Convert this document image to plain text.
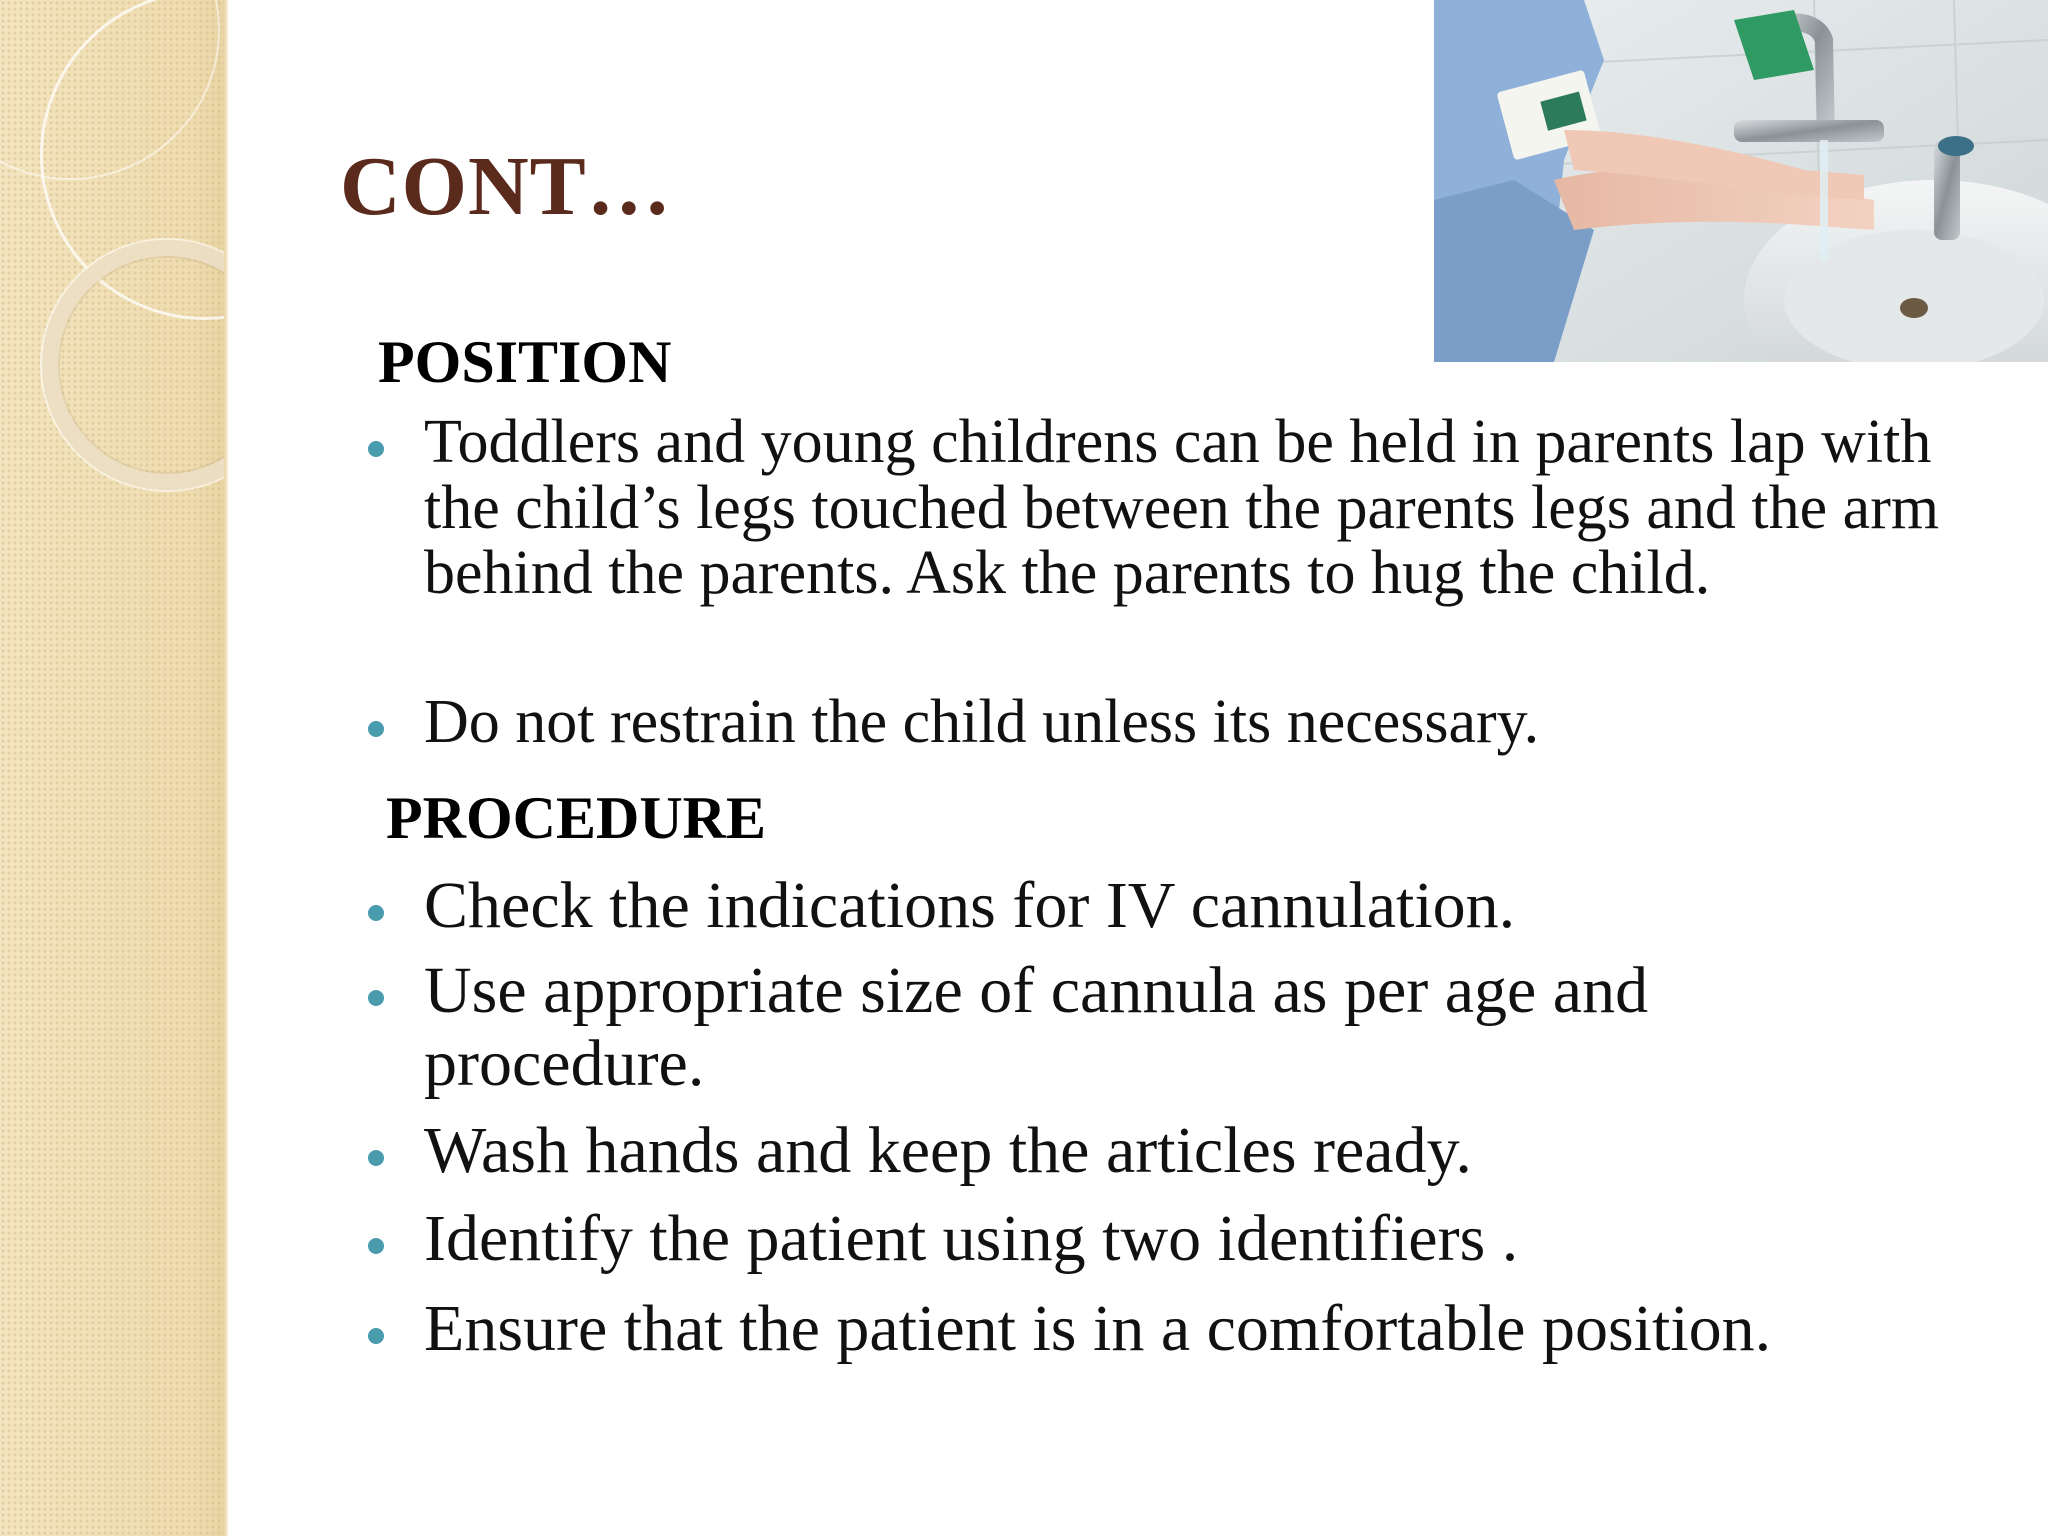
CONT…
POSITION
Toddlers and young childrens can be held in parents lap with the child’s legs touched between the parents legs and the arm behind the parents. Ask the parents to hug the child.
Do not restrain the child unless its necessary.
PROCEDURE
Check the indications for IV cannulation.
Use appropriate size of cannula as per age and procedure.
Wash hands and keep the articles ready.
Identify the patient using two identifiers .
Ensure that the patient is in a comfortable position.
